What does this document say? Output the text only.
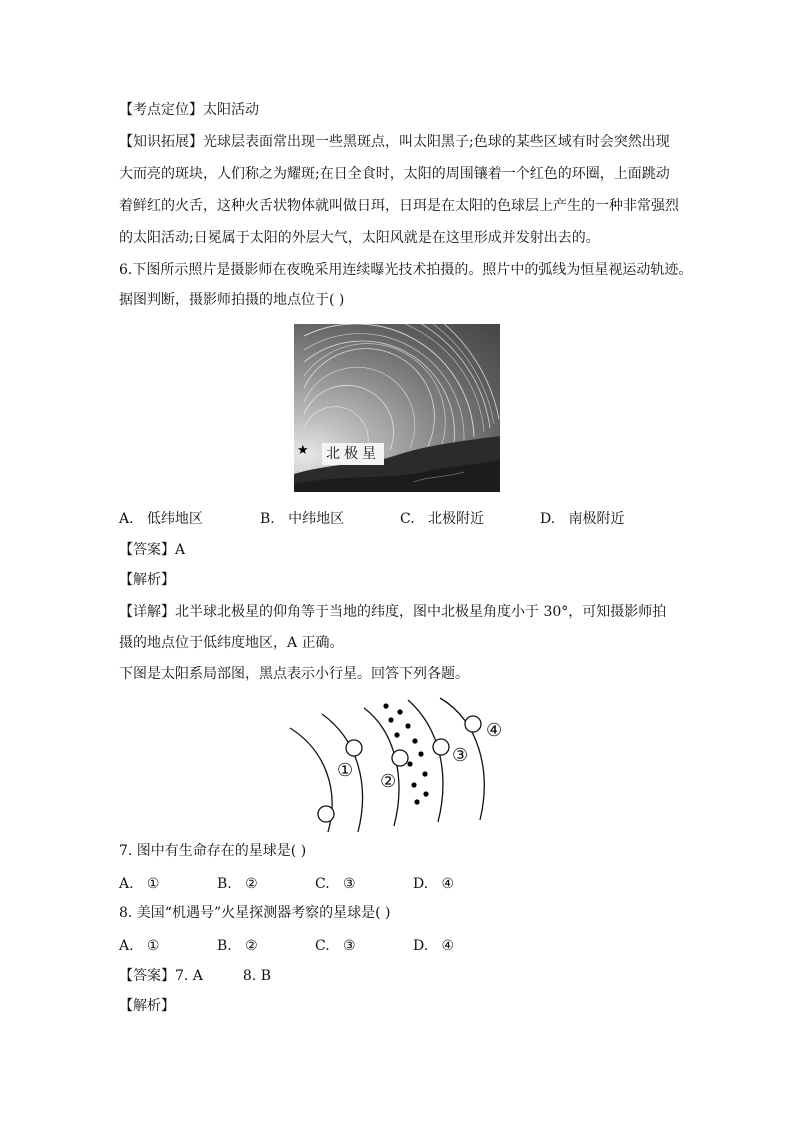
【考点定位】太阳活动
【知识拓展】光球层表面常出现一些黑斑点，叫太阳黑子;色球的某些区域有时会突然出现
大而亮的斑块，人们称之为耀斑;在日全食时，太阳的周围镶着一个红色的环圈，上面跳动
着鲜红的火舌，这种火舌状物体就叫做日珥，日珥是在太阳的色球层上产生的一种非常强烈
的太阳活动;日冕属于太阳的外层大气，太阳风就是在这里形成并发射出去的。
6.下图所示照片是摄影师在夜晚采用连续曝光技术拍摄的。照片中的弧线为恒星视运动轨迹。
据图判断，摄影师拍摄的地点位于( )
★ 北极星
A. 低纬地区	B. 中纬地区	C. 北极附近	D. 南极附近
【答案】A
【解析】
【详解】北半球北极星的仰角等于当地的纬度，图中北极星角度小于 30°，可知摄影师拍
摄的地点位于低纬度地区，A 正确。
下图是太阳系局部图，黑点表示小行星。回答下列各题。
①
②
③
④
7. 图中有生命存在的星球是( )
A. ①	B. ②	C. ③	D. ④
8. 美国“机遇号”火星探测器考察的星球是( )
A. ①	B. ②	C. ③	D. ④
【答案】7. A	8. B
【解析】
